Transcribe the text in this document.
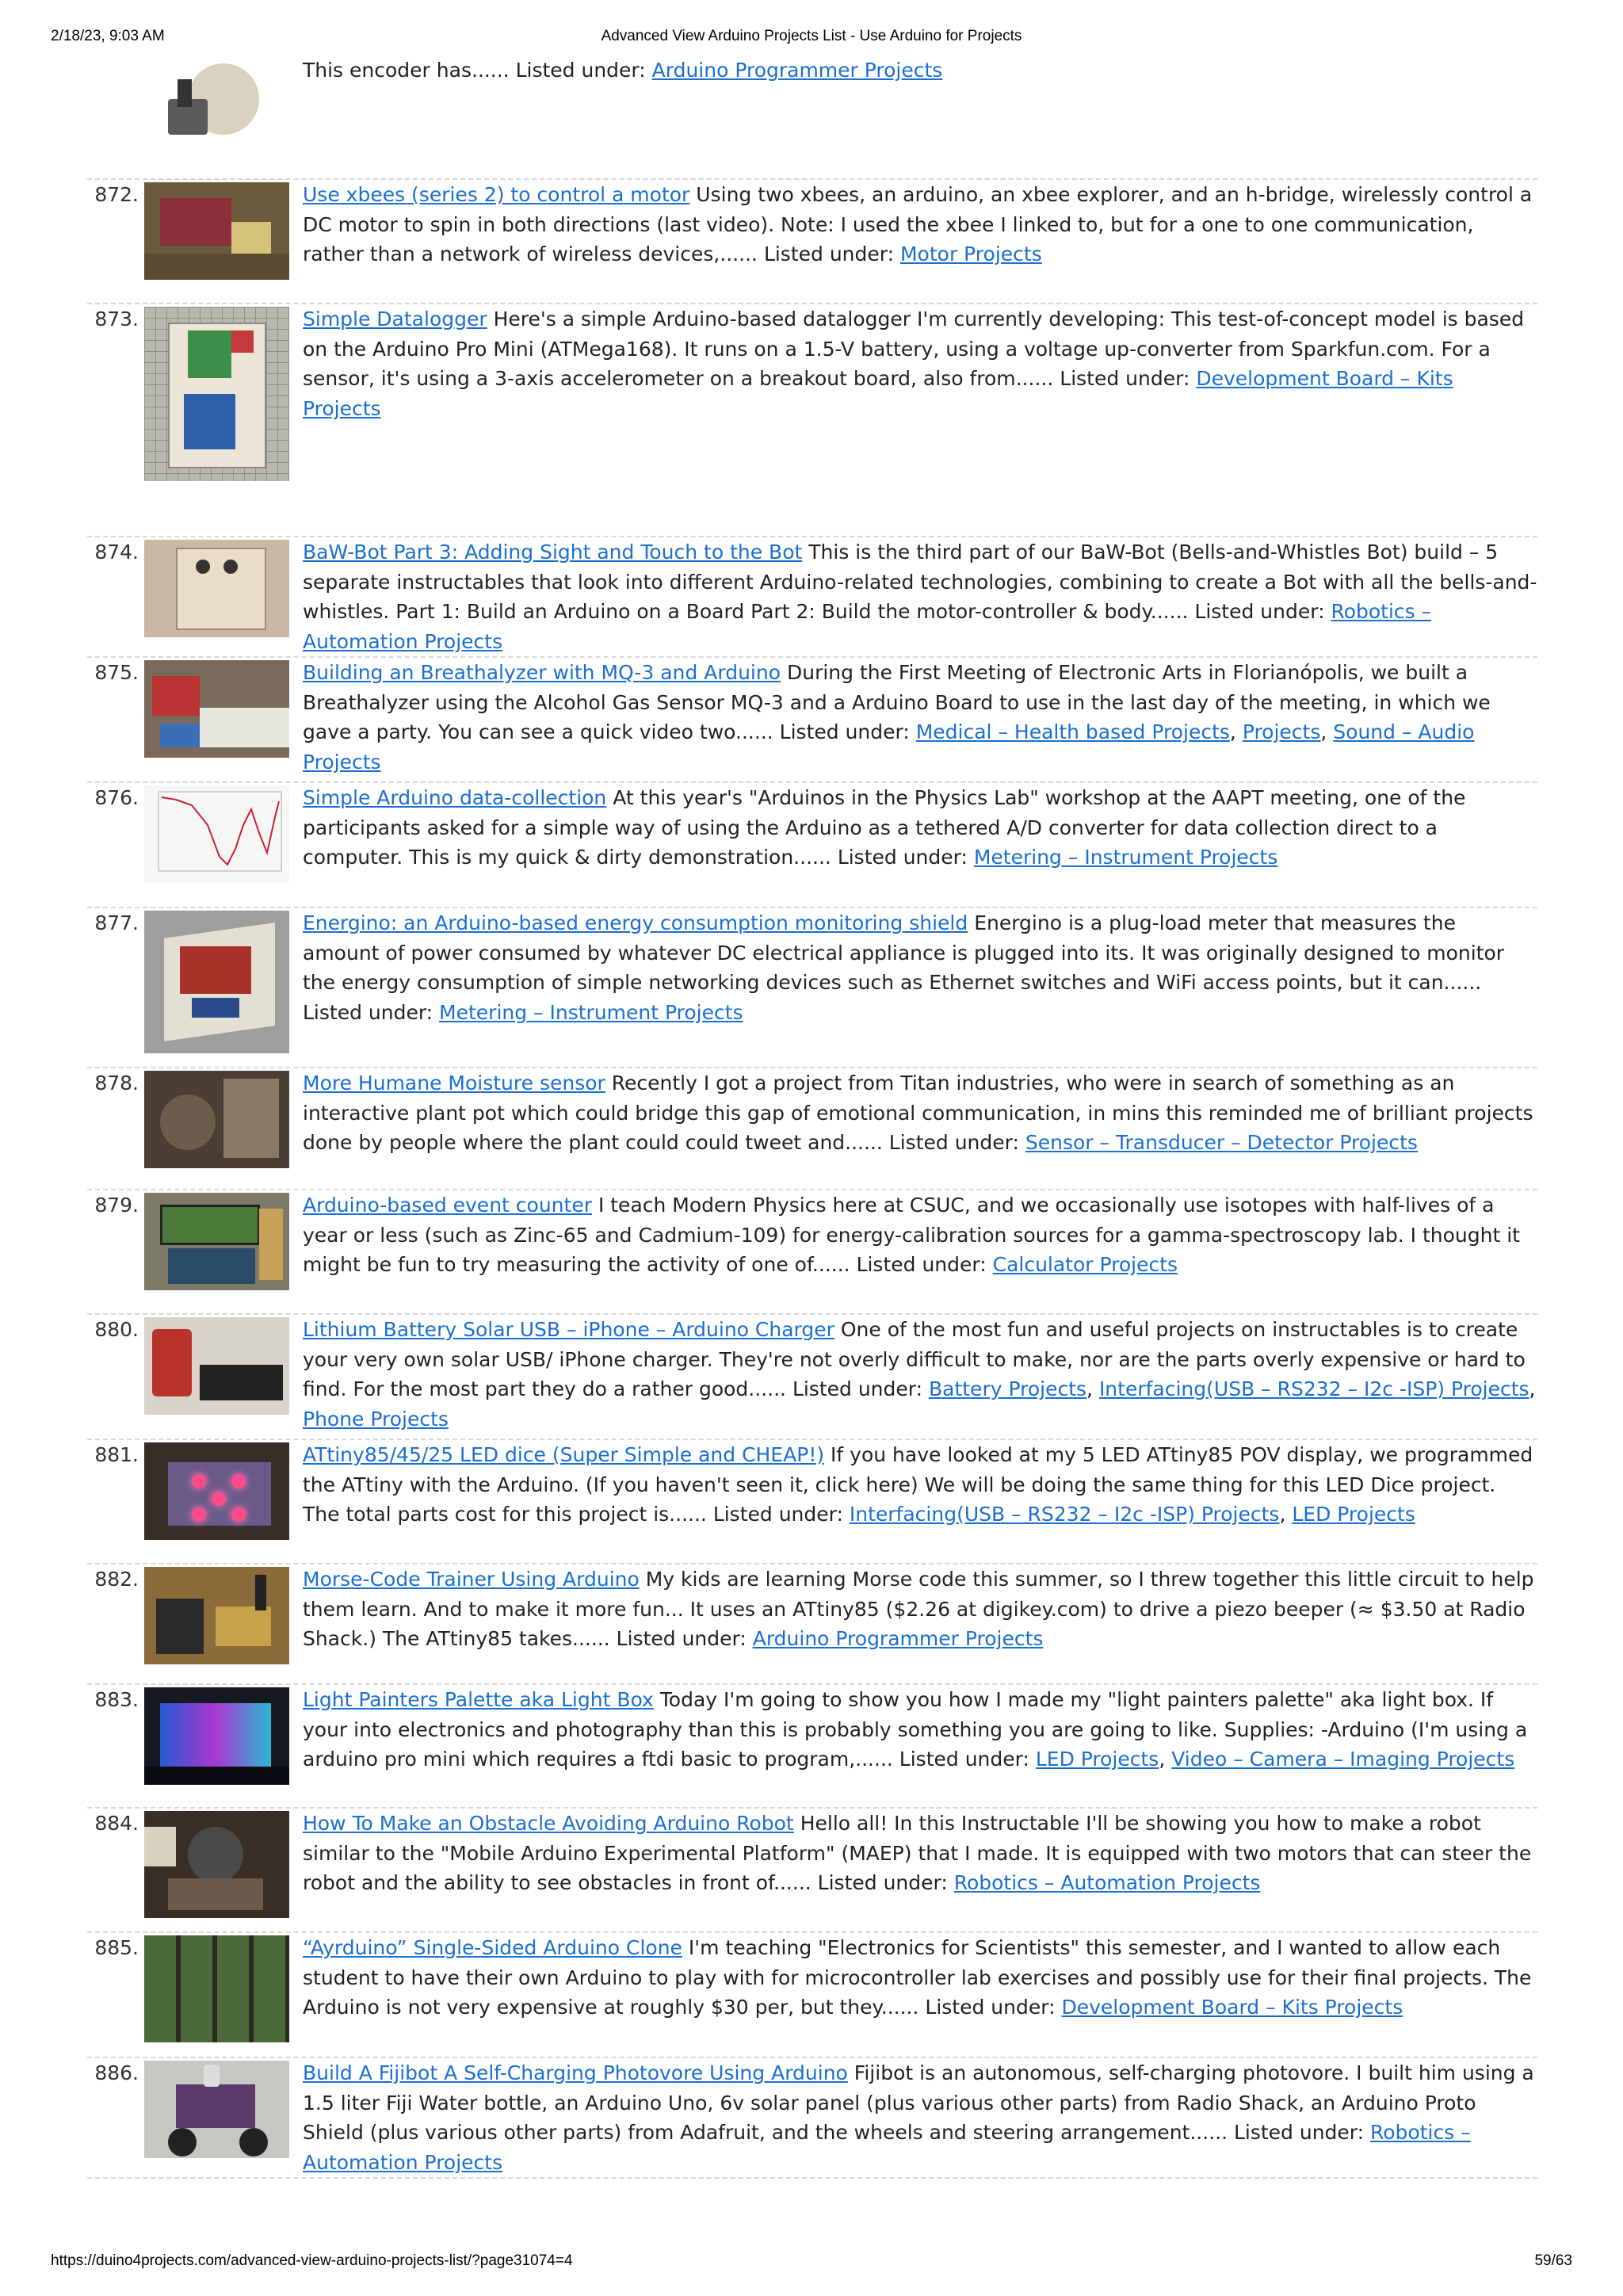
2/18/23, 9:03 AM	Advanced View Arduino Projects List - Use Arduino for Projects
This encoder has...... Listed under: Arduino Programmer Projects
872.	Use xbees (series 2) to control a motor Using two xbees, an arduino, an xbee explorer, and an h-bridge, wirelessly control a DC motor to spin in both directions (last video). Note: I used the xbee I linked to, but for a one to one communication, rather than a network of wireless devices,...... Listed under: Motor Projects
873.	Simple Datalogger Here's a simple Arduino-based datalogger I'm currently developing: This test-of-concept model is based on the Arduino Pro Mini (ATMega168). It runs on a 1.5-V battery, using a voltage up-converter from Sparkfun.com. For a sensor, it's using a 3-axis accelerometer on a breakout board, also from...... Listed under: Development Board – Kits Projects
874.	BaW-Bot Part 3: Adding Sight and Touch to the Bot This is the third part of our BaW-Bot (Bells-and-Whistles Bot) build – 5 separate instructables that look into different Arduino-related technologies, combining to create a Bot with all the bells-and-whistles. Part 1: Build an Arduino on a Board Part 2: Build the motor-controller & body...... Listed under: Robotics – Automation Projects
875.	Building an Breathalyzer with MQ-3 and Arduino During the First Meeting of Electronic Arts in Florianópolis, we built a Breathalyzer using the Alcohol Gas Sensor MQ-3 and a Arduino Board to use in the last day of the meeting, in which we gave a party. You can see a quick video two...... Listed under: Medical – Health based Projects, Projects, Sound – Audio Projects
876.	Simple Arduino data-collection At this year's "Arduinos in the Physics Lab" workshop at the AAPT meeting, one of the participants asked for a simple way of using the Arduino as a tethered A/D converter for data collection direct to a computer. This is my quick & dirty demonstration...... Listed under: Metering – Instrument Projects
877.	Energino: an Arduino-based energy consumption monitoring shield Energino is a plug-load meter that measures the amount of power consumed by whatever DC electrical appliance is plugged into its. It was originally designed to monitor the energy consumption of simple networking devices such as Ethernet switches and WiFi access points, but it can...... Listed under: Metering – Instrument Projects
878.	More Humane Moisture sensor Recently I got a project from Titan industries, who were in search of something as an interactive plant pot which could bridge this gap of emotional communication, in mins this reminded me of brilliant projects done by people where the plant could could tweet and...... Listed under: Sensor – Transducer – Detector Projects
879.	Arduino-based event counter I teach Modern Physics here at CSUC, and we occasionally use isotopes with half-lives of a year or less (such as Zinc-65 and Cadmium-109) for energy-calibration sources for a gamma-spectroscopy lab. I thought it might be fun to try measuring the activity of one of...... Listed under: Calculator Projects
880.	Lithium Battery Solar USB – iPhone – Arduino Charger One of the most fun and useful projects on instructables is to create your very own solar USB/ iPhone charger. They're not overly difficult to make, nor are the parts overly expensive or hard to find. For the most part they do a rather good...... Listed under: Battery Projects, Interfacing(USB – RS232 – I2c -ISP) Projects, Phone Projects
881.	ATtiny85/45/25 LED dice (Super Simple and CHEAP!) If you have looked at my 5 LED ATtiny85 POV display, we programmed the ATtiny with the Arduino. (If you haven't seen it, click here) We will be doing the same thing for this LED Dice project. The total parts cost for this project is...... Listed under: Interfacing(USB – RS232 – I2c -ISP) Projects, LED Projects
882.	Morse-Code Trainer Using Arduino My kids are learning Morse code this summer, so I threw together this little circuit to help them learn. And to make it more fun... It uses an ATtiny85 ($2.26 at digikey.com) to drive a piezo beeper (≈ $3.50 at Radio Shack.) The ATtiny85 takes...... Listed under: Arduino Programmer Projects
883.	Light Painters Palette aka Light Box Today I'm going to show you how I made my "light painters palette" aka light box. If your into electronics and photography than this is probably something you are going to like. Supplies: -Arduino (I'm using a arduino pro mini which requires a ftdi basic to program,...... Listed under: LED Projects, Video – Camera – Imaging Projects
884.	How To Make an Obstacle Avoiding Arduino Robot Hello all! In this Instructable I'll be showing you how to make a robot similar to the "Mobile Arduino Experimental Platform" (MAEP) that I made. It is equipped with two motors that can steer the robot and the ability to see obstacles in front of...... Listed under: Robotics – Automation Projects
885.	“Ayrduino” Single-Sided Arduino Clone I'm teaching "Electronics for Scientists" this semester, and I wanted to allow each student to have their own Arduino to play with for microcontroller lab exercises and possibly use for their final projects. The Arduino is not very expensive at roughly $30 per, but they...... Listed under: Development Board – Kits Projects
886.	Build A Fijibot A Self-Charging Photovore Using Arduino Fijibot is an autonomous, self-charging photovore. I built him using a 1.5 liter Fiji Water bottle, an Arduino Uno, 6v solar panel (plus various other parts) from Radio Shack, an Arduino Proto Shield (plus various other parts) from Adafruit, and the wheels and steering arrangement...... Listed under: Robotics – Automation Projects
https://duino4projects.com/advanced-view-arduino-projects-list/?page31074=4	59/63
